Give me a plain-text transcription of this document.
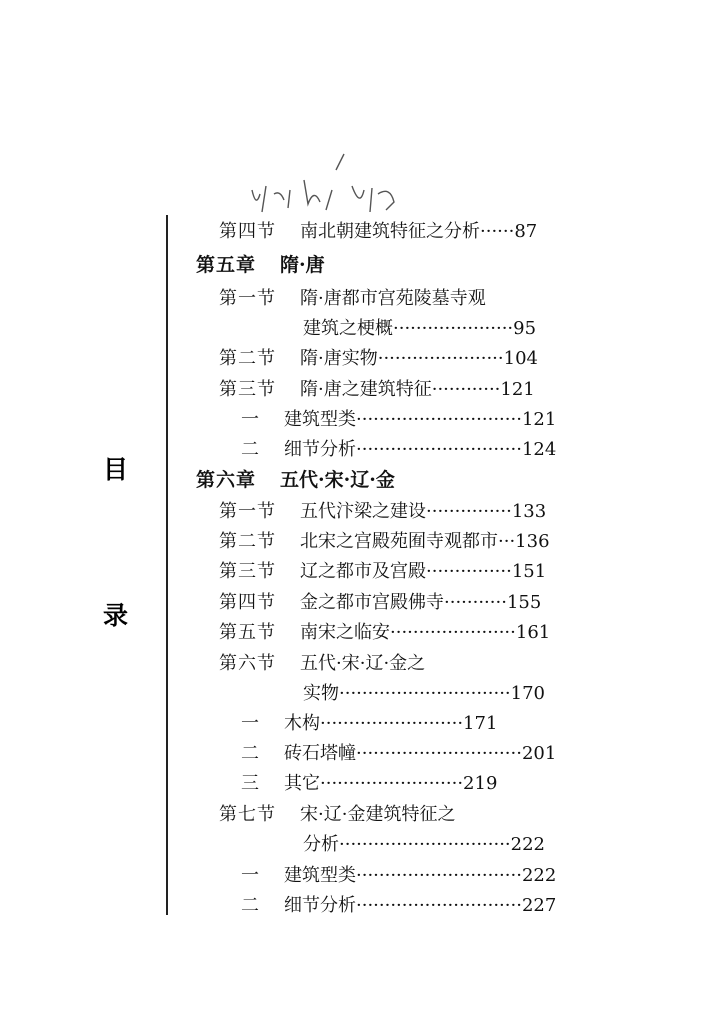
目
录
第四节 南北朝建筑特征之分析······87
第五章 隋·唐
第一节 隋·唐都市宫苑陵墓寺观
建筑之梗概·····················95
第二节 隋·唐实物······················104
第三节 隋·唐之建筑特征············121
一 建筑型类·····························121
二 细节分析·····························124
第六章 五代·宋·辽·金
第一节 五代汴梁之建设···············133
第二节 北宋之宫殿苑囿寺观都市···136
第三节 辽之都市及宫殿···············151
第四节 金之都市宫殿佛寺···········155
第五节 南宋之临安······················161
第六节 五代·宋·辽·金之
实物······························170
一 木构·························171
二 砖石塔幢·····························201
三 其它·························219
第七节 宋·辽·金建筑特征之
分析······························222
一 建筑型类·····························222
二 细节分析·····························227
